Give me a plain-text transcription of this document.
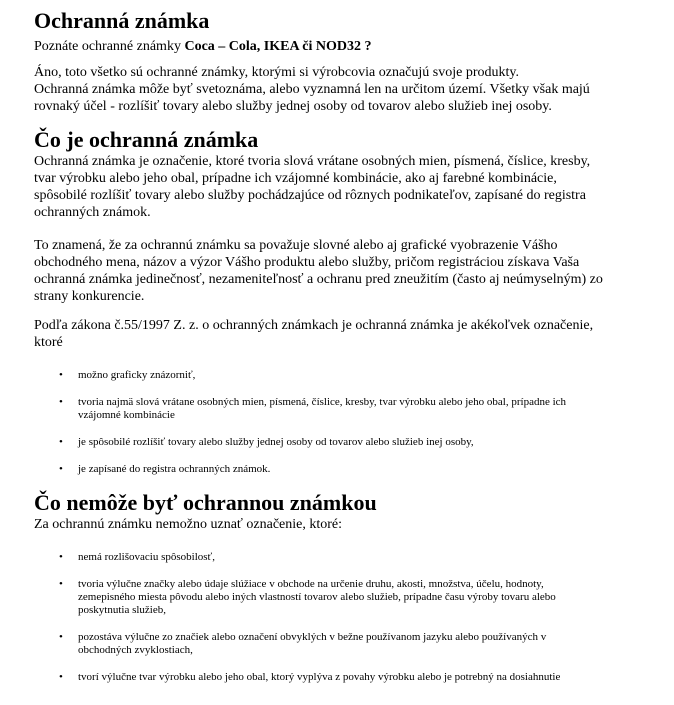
Ochranná známka

Poznáte ochranné známky Coca – Cola, IKEA či NOD32 ?

Áno, toto všetko sú ochranné známky, ktorými si výrobcovia označujú svoje produkty.

Ochranná známka môže byť svetoznáma, alebo vyznamná len na určitom území. Všetky však majú

rovnaký účel - rozlíšiť tovary alebo služby jednej osoby od tovarov alebo služieb inej osoby.

Čo je ochranná známka

Ochranná známka je označenie, ktoré tvoria slová vrátane osobných mien, písmená, číslice, kresby,

tvar výrobku alebo jeho obal, prípadne ich vzájomné kombinácie, ako aj farebné kombinácie,

spôsobilé rozlíšiť tovary alebo služby pochádzajúce od rôznych podnikateľov, zapísané do registra

ochranných známok.

To znamená, že za ochrannú známku sa považuje slovné alebo aj grafické vyobrazenie Vášho

obchodného mena, názov a výzor Vášho produktu alebo služby, pričom registráciou získava Vaša

ochranná známka jedinečnosť, nezameniteľnosť a ochranu pred zneužitím (často aj neúmyselným) zo

strany konkurencie.

Podľa zákona č.55/1997 Z. z. o ochranných známkach je ochranná známka je akékoľvek označenie,

ktoré

• možno graficky znázorniť,
• tvoria najmä slová vrátane osobných mien, písmená, číslice, kresby, tvar výrobku alebo jeho obal, prípadne ich
vzájomné kombinácie
• je spôsobilé rozlíšiť tovary alebo služby jednej osoby od tovarov alebo služieb inej osoby,
• je zapísané do registra ochranných známok.
Čo nemôže byť ochrannou známkou

Za ochrannú známku nemožno uznať označenie, ktoré:

• nemá rozlišovaciu spôsobilosť,
• tvoria výlučne značky alebo údaje slúžiace v obchode na určenie druhu, akosti, množstva, účelu, hodnoty,
zemepisného miesta pôvodu alebo iných vlastností tovarov alebo služieb, prípadne času výroby tovaru alebo
poskytnutia služieb,
• pozostáva výlučne zo značiek alebo označení obvyklých v bežne používanom jazyku alebo používaných v
obchodných zvyklostiach,
• tvorí výlučne tvar výrobku alebo jeho obal, ktorý vyplýva z povahy výrobku alebo je potrebný na dosiahnutie
